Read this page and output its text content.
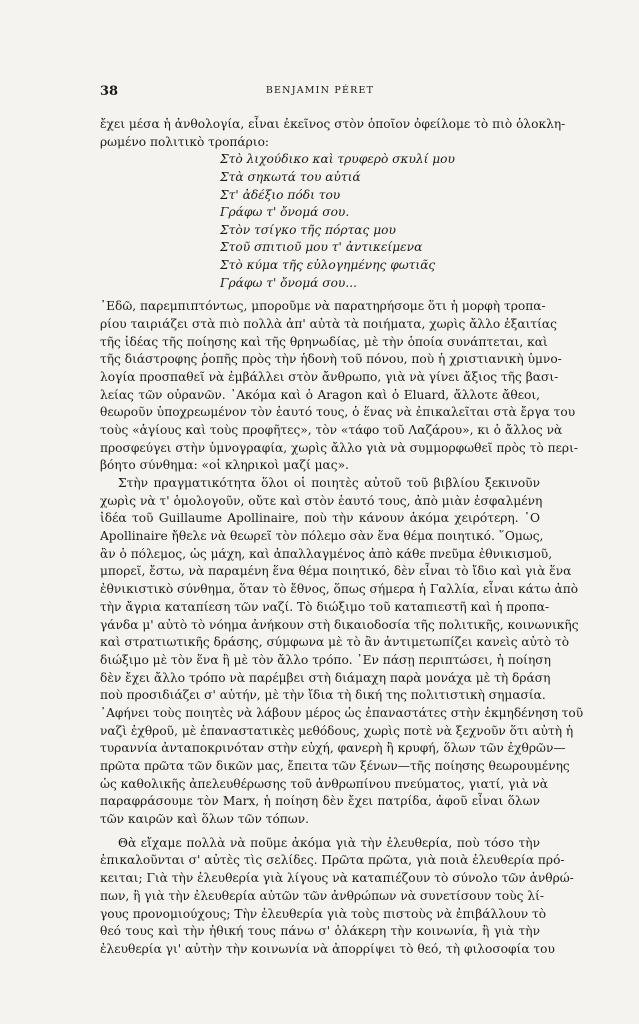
38	BENJAMIN PÉRET
ἔχει μέσα ἡ ἀνθολογία, εἶναι ἐκεῖνος στὸν ὁποῖον ὀφείλομε τὸ πιὸ ὁλοκλη-
ρωμένο πολιτικὸ τροπάριο:
Στὸ λιχούδικο καὶ τρυφερὸ σκυλί μου
Στὰ σηκωτά του αὐτιά
Στ' ἀδέξιο πόδι του
Γράφω τ' ὄνομά σου.
Στὸν τσίγκο τῆς πόρτας μου
Στοῦ σπιτιοῦ μου τ' ἀντικείμενα
Στὸ κύμα τῆς εὐλογημένης φωτιᾶς
Γράφω τ' ὄνομά σου...
᾿Εδῶ, παρεμπιπτόντως, μποροῦμε νὰ παρατηρήσομε ὅτι ἡ μορφὴ τροπα-
ρίου ταιριάζει στὰ πιὸ πολλὰ ἀπ' αὐτὰ τὰ ποιήματα, χωρὶς ἄλλο ἐξαιτίας
τῆς ἰδέας τῆς ποίησης καὶ τῆς θρηνωδίας, μὲ τὴν ὁποία συνάπτεται, καὶ
τῆς διάστροφης ῥοπῆς πρὸς τὴν ἡδονὴ τοῦ πόνου, ποὺ ἡ χριστιανικὴ ὑμνο-
λογία προσπαθεῖ νὰ ἐμβάλλει στὸν ἄνθρωπο, γιὰ νὰ γίνει ἄξιος τῆς βασι-
λείας τῶν οὐρανῶν. ᾿Ακόμα καὶ ὁ Aragon καὶ ὁ Eluard, ἄλλοτε ἄθεοι,
θεωροῦν ὑποχρεωμένον τὸν ἑαυτό τους, ὁ ἕνας νὰ ἐπικαλεῖται στὰ ἔργα του
τοὺς «ἁγίους καὶ τοὺς προφῆτες», τὸν «τάφο τοῦ Λαζάρου», κι ὁ ἄλλος νὰ
προσφεύγει στὴν ὑμνογραφία, χωρὶς ἄλλο γιὰ νὰ συμμορφωθεῖ πρὸς τὸ περι-
βόητο σύνθημα: «οἱ κληρικοὶ μαζί μας».
Στὴν πραγματικότητα ὅλοι οἱ ποιητὲς αὐτοῦ τοῦ βιβλίου ξεκινοῦν
χωρὶς νὰ τ' ὁμολογοῦν, οὔτε καὶ στὸν ἑαυτό τους, ἀπὸ μιὰν ἐσφαλμένη
ἰδέα τοῦ Guillaume Apollinaire, ποὺ τὴν κάνουν ἀκόμα χειρότερη. ῾Ο
Apollinaire ἤθελε νὰ θεωρεῖ τὸν πόλεμο σὰν ἕνα θέμα ποιητικό. ῞Ομως,
ἂν ὁ πόλεμος, ὡς μάχη, καὶ ἀπαλλαγμένος ἀπὸ κάθε πνεῦμα ἐθνικισμοῦ,
μπορεῖ, ἔστω, νὰ παραμένη ἕνα θέμα ποιητικό, δὲν εἶναι τὸ ἴδιο καὶ γιὰ ἕνα
ἐθνικιστικὸ σύνθημα, ὅταν τὸ ἔθνος, ὅπως σήμερα ἡ Γαλλία, εἶναι κάτω ἀπὸ
τὴν ἄγρια καταπίεση τῶν ναζί. Τὸ διώξιμο τοῦ καταπιεστῆ καὶ ἡ προπα-
γάνδα μ' αὐτὸ τὸ νόημα ἀνήκουν στὴ δικαιοδοσία τῆς πολιτικῆς, κοινωνικῆς
καὶ στρατιωτικῆς δράσης, σύμφωνα μὲ τὸ ἂν ἀντιμετωπίζει κανεὶς αὐτὸ τὸ
διώξιμο μὲ τὸν ἕνα ἢ μὲ τὸν ἄλλο τρόπο. ᾿Εν πάσῃ περιπτώσει, ἡ ποίηση
δὲν ἔχει ἄλλο τρόπο νὰ παρέμβει στὴ διάμαχη παρὰ μονάχα μὲ τὴ δράση
ποὺ προσιδιάζει σ' αὐτήν, μὲ τὴν ἴδια τὴ δική της πολιτιστικὴ σημασία.
᾿Αφήνει τοὺς ποιητὲς νὰ λάβουν μέρος ὡς ἐπαναστάτες στὴν ἐκμηδένηση τοῦ
ναζὶ ἐχθροῦ, μὲ ἐπαναστατικὲς μεθόδους, χωρὶς ποτὲ νὰ ξεχνοῦν ὅτι αὐτὴ ἡ
τυραννία ἀνταποκρινόταν στὴν εὐχή, φανερὴ ἢ κρυφή, ὅλων τῶν ἐχθρῶν—
πρῶτα πρῶτα τῶν δικῶν μας, ἔπειτα τῶν ξένων—τῆς ποίησης θεωρουμένης
ὡς καθολικῆς ἀπελευθέρωσης τοῦ ἀνθρωπίνου πνεύματος, γιατί, γιὰ νὰ
παραφράσουμε τὸν Marx, ἡ ποίηση δὲν ἔχει πατρίδα, ἀφοῦ εἶναι ὅλων
τῶν καιρῶν καὶ ὅλων τῶν τόπων.
Θὰ εἴχαμε πολλὰ νὰ ποῦμε ἀκόμα γιὰ τὴν ἐλευθερία, ποὺ τόσο τὴν
ἐπικαλοῦνται σ' αὐτὲς τὶς σελίδες. Πρῶτα πρῶτα, γιὰ ποιὰ ἐλευθερία πρό-
κειται; Γιὰ τὴν ἐλευθερία γιὰ λίγους νὰ καταπιέζουν τὸ σύνολο τῶν ἀνθρώ-
πων, ἢ γιὰ τὴν ἐλευθερία αὐτῶν τῶν ἀνθρώπων νὰ συνετίσουν τοὺς λί-
γους προνομιούχους; Τὴν ἐλευθερία γιὰ τοὺς πιστοὺς νὰ ἐπιβάλλουν τὸ
θεό τους καὶ τὴν ἠθική τους πάνω σ' ὁλάκερη τὴν κοινωνία, ἢ γιὰ τὴν
ἐλευθερία γι' αὐτὴν τὴν κοινωνία νὰ ἀπορρίψει τὸ θεό, τὴ φιλοσοφία του
